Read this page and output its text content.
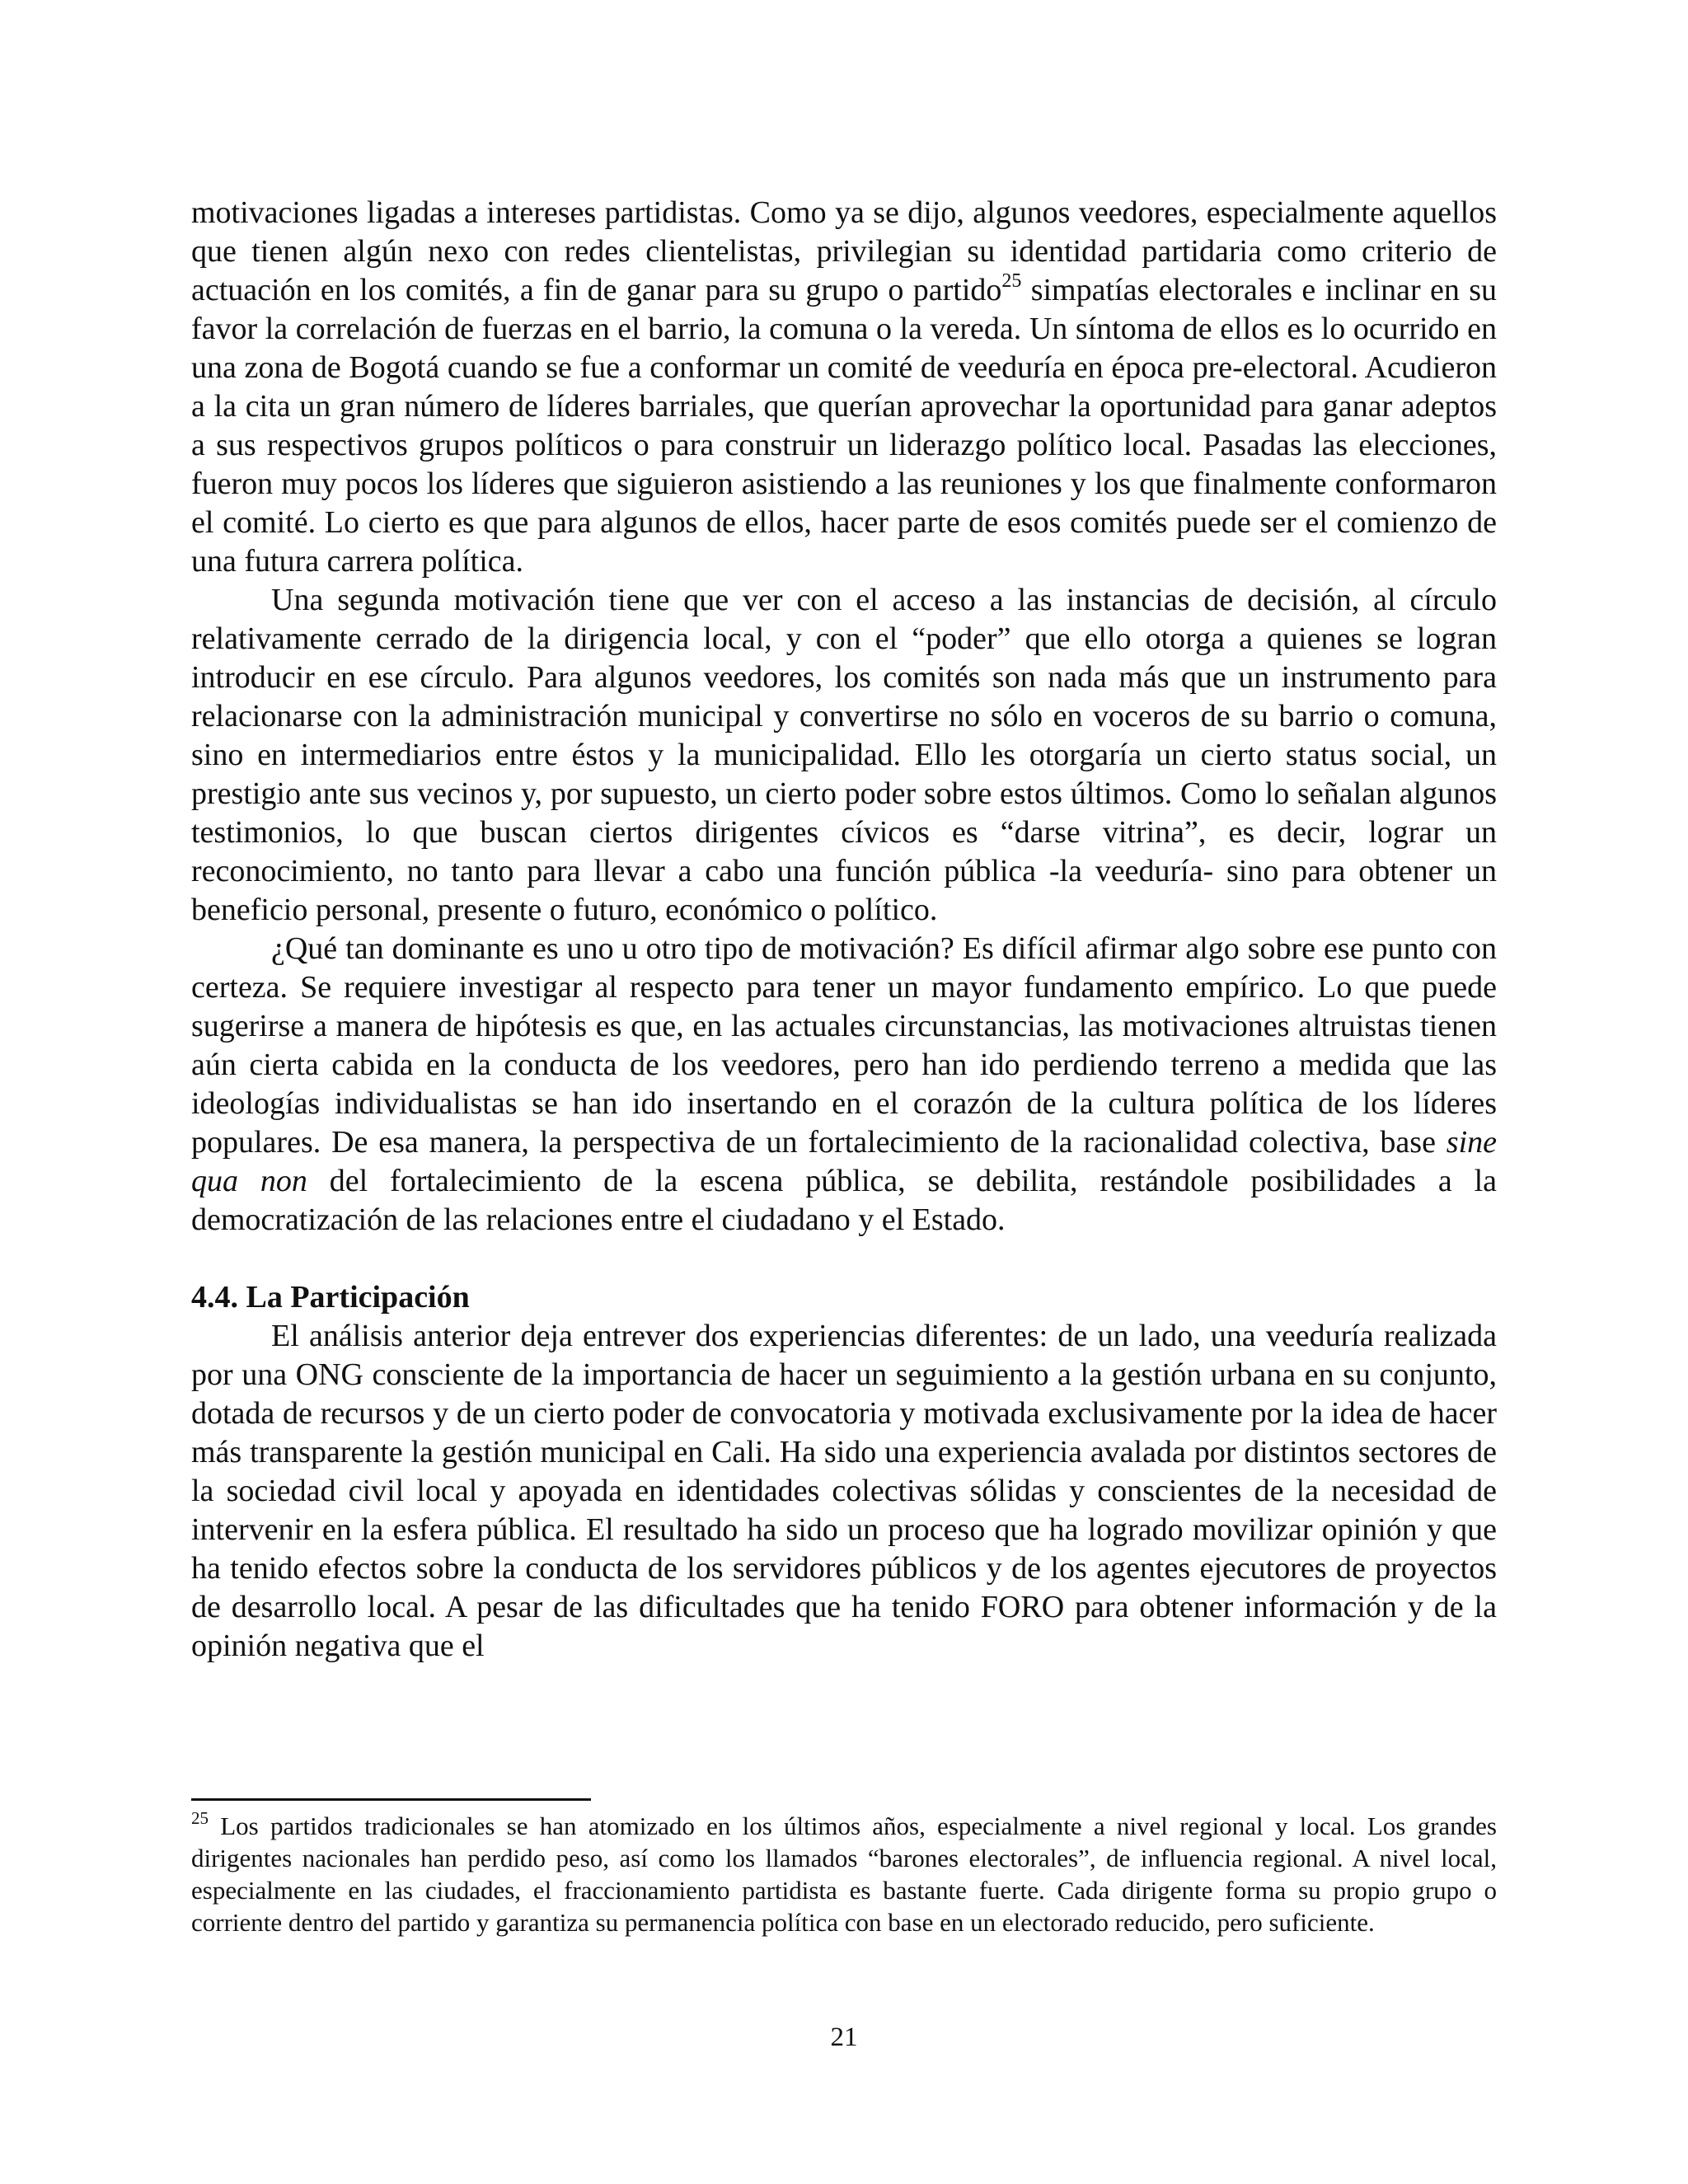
motivaciones ligadas a intereses partidistas. Como ya se dijo, algunos veedores, especialmente aquellos que tienen algún nexo con redes clientelistas, privilegian su identidad partidaria como criterio de actuación en los comités, a fin de ganar para su grupo o partido$^{25}$ simpatías electorales e inclinar en su favor la correlación de fuerzas en el barrio, la comuna o la vereda. Un síntoma de ellos es lo ocurrido en una zona de Bogotá cuando se fue a conformar un comité de veeduría en época pre-electoral. Acudieron a la cita un gran número de líderes barriales, que querían aprovechar la oportunidad para ganar adeptos a sus respectivos grupos políticos o para construir un liderazgo político local. Pasadas las elecciones, fueron muy pocos los líderes que siguieron asistiendo a las reuniones y los que finalmente conformaron el comité. Lo cierto es que para algunos de ellos, hacer parte de esos comités puede ser el comienzo de una futura carrera política.

Una segunda motivación tiene que ver con el acceso a las instancias de decisión, al círculo relativamente cerrado de la dirigencia local, y con el “poder” que ello otorga a quienes se logran introducir en ese círculo. Para algunos veedores, los comités son nada más que un instrumento para relacionarse con la administración municipal y convertirse no sólo en voceros de su barrio o comuna, sino en intermediarios entre éstos y la municipalidad. Ello les otorgaría un cierto status social, un prestigio ante sus vecinos y, por supuesto, un cierto poder sobre estos últimos. Como lo señalan algunos testimonios, lo que buscan ciertos dirigentes cívicos es “darse vitrina”, es decir, lograr un reconocimiento, no tanto para llevar a cabo una función pública -la veeduría- sino para obtener un beneficio personal, presente o futuro, económico o político.

¿Qué tan dominante es uno u otro tipo de motivación? Es difícil afirmar algo sobre ese punto con certeza. Se requiere investigar al respecto para tener un mayor fundamento empírico. Lo que puede sugerirse a manera de hipótesis es que, en las actuales circunstancias, las motivaciones altruistas tienen aún cierta cabida en la conducta de los veedores, pero han ido perdiendo terreno a medida que las ideologías individualistas se han ido insertando en el corazón de la cultura política de los líderes populares. De esa manera, la perspectiva de un fortalecimiento de la racionalidad colectiva, base sine qua non del fortalecimiento de la escena pública, se debilita, restándole posibilidades a la democratización de las relaciones entre el ciudadano y el Estado.

4.4. La Participación

El análisis anterior deja entrever dos experiencias diferentes: de un lado, una veeduría realizada por una ONG consciente de la importancia de hacer un seguimiento a la gestión urbana en su conjunto, dotada de recursos y de un cierto poder de convocatoria y motivada exclusivamente por la idea de hacer más transparente la gestión municipal en Cali. Ha sido una experiencia avalada por distintos sectores de la sociedad civil local y apoyada en identidades colectivas sólidas y conscientes de la necesidad de intervenir en la esfera pública. El resultado ha sido un proceso que ha logrado movilizar opinión y que ha tenido efectos sobre la conducta de los servidores públicos y de los agentes ejecutores de proyectos de desarrollo local. A pesar de las dificultades que ha tenido FORO para obtener información y de la opinión negativa que el

$^{25}$ Los partidos tradicionales se han atomizado en los últimos años, especialmente a nivel regional y local. Los grandes dirigentes nacionales han perdido peso, así como los llamados “barones electorales”, de influencia regional. A nivel local, especialmente en las ciudades, el fraccionamiento partidista es bastante fuerte. Cada dirigente forma su propio grupo o corriente dentro del partido y garantiza su permanencia política con base en un electorado reducido, pero suficiente.

21
